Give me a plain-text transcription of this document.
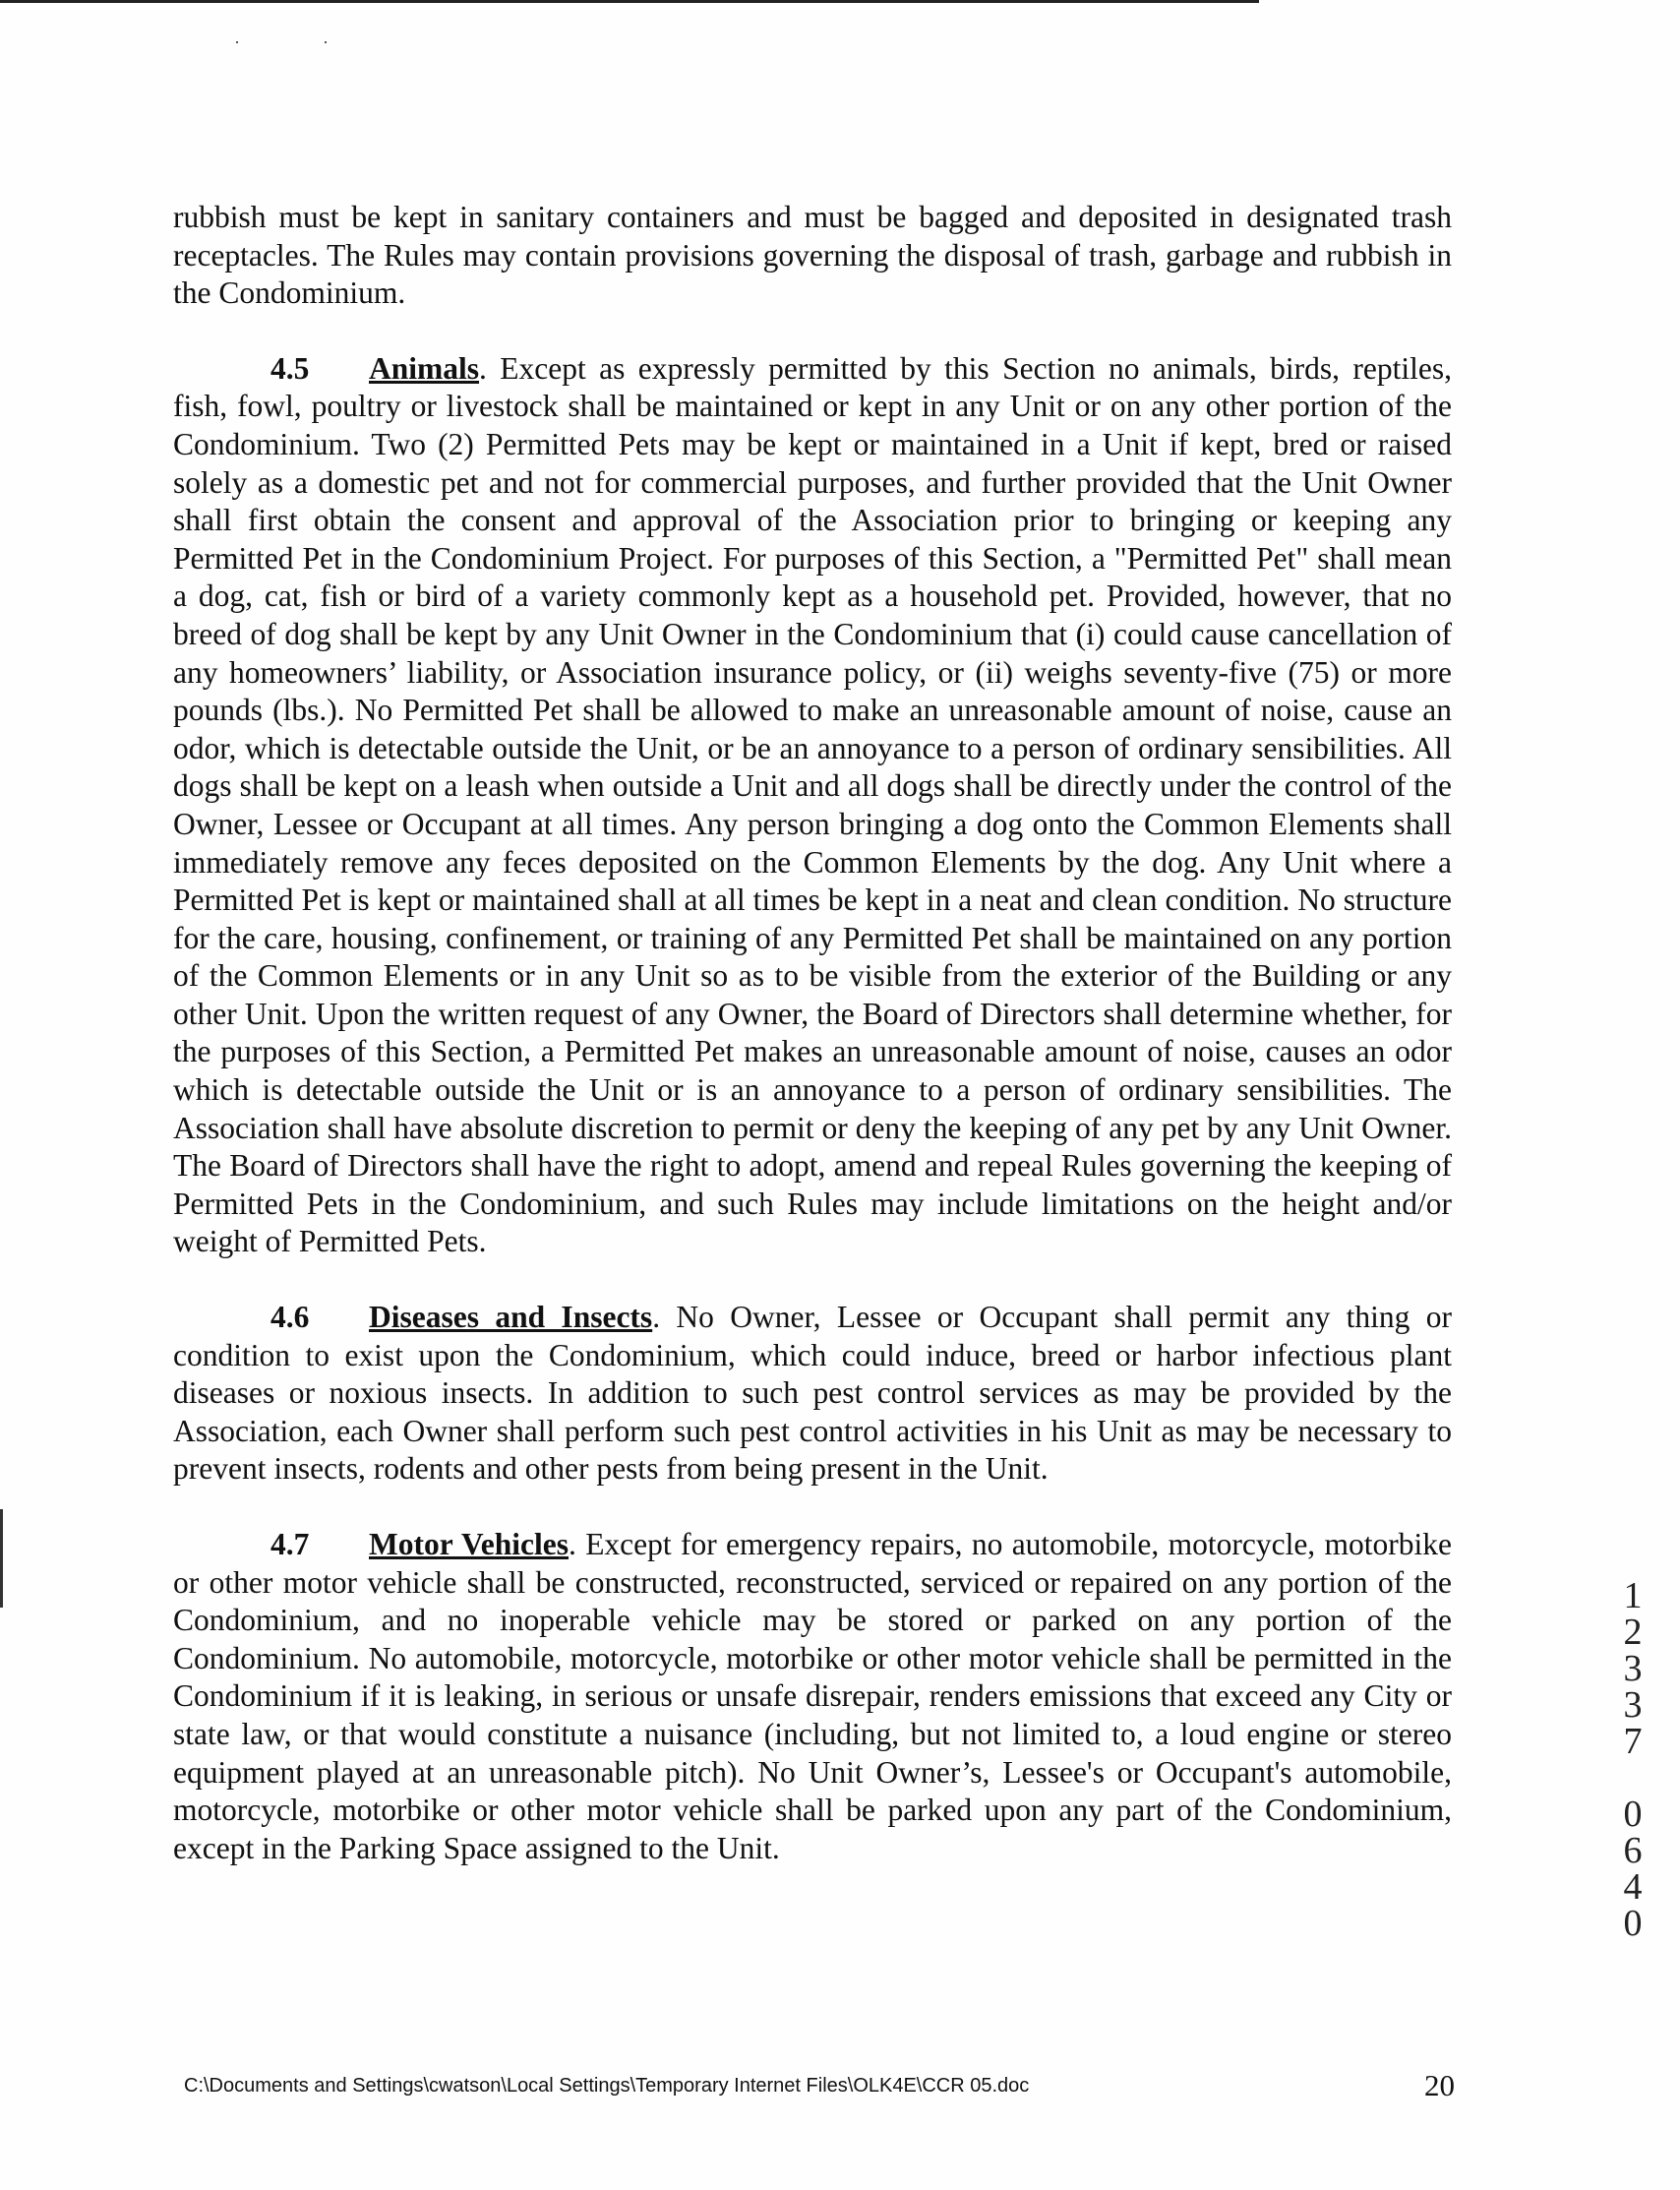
rubbish must be kept in sanitary containers and must be bagged and deposited in designated trash receptacles. The Rules may contain provisions governing the disposal of trash, garbage and rubbish in the Condominium.

4.5 Animals. Except as expressly permitted by this Section no animals, birds, reptiles, fish, fowl, poultry or livestock shall be maintained or kept in any Unit or on any other portion of the Condominium. Two (2) Permitted Pets may be kept or maintained in a Unit if kept, bred or raised solely as a domestic pet and not for commercial purposes, and further provided that the Unit Owner shall first obtain the consent and approval of the Association prior to bringing or keeping any Permitted Pet in the Condominium Project. For purposes of this Section, a "Permitted Pet" shall mean a dog, cat, fish or bird of a variety commonly kept as a household pet. Provided, however, that no breed of dog shall be kept by any Unit Owner in the Condominium that (i) could cause cancellation of any homeowners’ liability, or Association insurance policy, or (ii) weighs seventy-five (75) or more pounds (lbs.). No Permitted Pet shall be allowed to make an unreasonable amount of noise, cause an odor, which is detectable outside the Unit, or be an annoyance to a person of ordinary sensibilities. All dogs shall be kept on a leash when outside a Unit and all dogs shall be directly under the control of the Owner, Lessee or Occupant at all times. Any person bringing a dog onto the Common Elements shall immediately remove any feces deposited on the Common Elements by the dog. Any Unit where a Permitted Pet is kept or maintained shall at all times be kept in a neat and clean condition. No structure for the care, housing, confinement, or training of any Permitted Pet shall be maintained on any portion of the Common Elements or in any Unit so as to be visible from the exterior of the Building or any other Unit. Upon the written request of any Owner, the Board of Directors shall determine whether, for the purposes of this Section, a Permitted Pet makes an unreasonable amount of noise, causes an odor which is detectable outside the Unit or is an annoyance to a person of ordinary sensibilities. The Association shall have absolute discretion to permit or deny the keeping of any pet by any Unit Owner. The Board of Directors shall have the right to adopt, amend and repeal Rules governing the keeping of Permitted Pets in the Condominium, and such Rules may include limitations on the height and/or weight of Permitted Pets.

4.6 Diseases and Insects. No Owner, Lessee or Occupant shall permit any thing or condition to exist upon the Condominium, which could induce, breed or harbor infectious plant diseases or noxious insects. In addition to such pest control services as may be provided by the Association, each Owner shall perform such pest control activities in his Unit as may be necessary to prevent insects, rodents and other pests from being present in the Unit.

4.7 Motor Vehicles. Except for emergency repairs, no automobile, motorcycle, motorbike or other motor vehicle shall be constructed, reconstructed, serviced or repaired on any portion of the Condominium, and no inoperable vehicle may be stored or parked on any portion of the Condominium. No automobile, motorcycle, motorbike or other motor vehicle shall be permitted in the Condominium if it is leaking, in serious or unsafe disrepair, renders emissions that exceed any City or state law, or that would constitute a nuisance (including, but not limited to, a loud engine or stereo equipment played at an unreasonable pitch). No Unit Owner’s, Lessee's or Occupant's automobile, motorcycle, motorbike or other motor vehicle shall be parked upon any part of the Condominium, except in the Parking Space assigned to the Unit.

1
2
3
3
7

0
6
4
0
C:\Documents and Settings\cwatson\Local Settings\Temporary Internet Files\OLK4E\CCR 05.doc	20
